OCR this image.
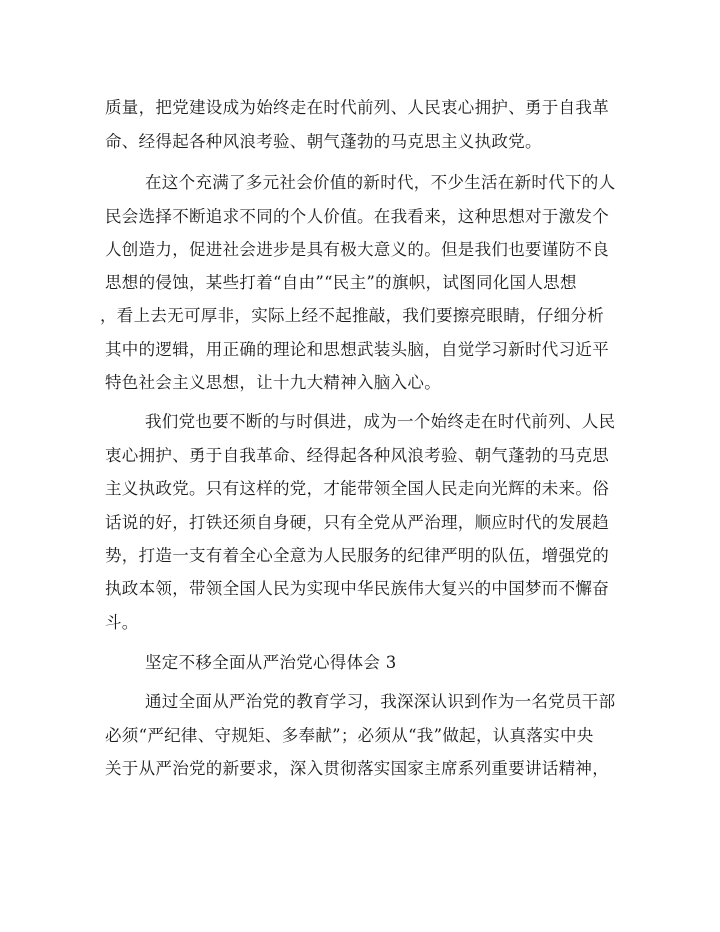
质量，把党建设成为始终走在时代前列、人民衷心拥护、勇于自我革

命、经得起各种风浪考验、朝气蓬勃的马克思主义执政党。

在这个充满了多元社会价值的新时代，不少生活在新时代下的人

民会选择不断追求不同的个人价值。在我看来，这种思想对于激发个

人创造力，促进社会进步是具有极大意义的。但是我们也要谨防不良

思想的侵蚀，某些打着“自由”“民主”的旗帜，试图同化国人思想

，看上去无可厚非，实际上经不起推敲，我们要擦亮眼睛，仔细分析

其中的逻辑，用正确的理论和思想武装头脑，自觉学习新时代习近平

特色社会主义思想，让十九大精神入脑入心。

我们党也要不断的与时俱进，成为一个始终走在时代前列、人民

衷心拥护、勇于自我革命、经得起各种风浪考验、朝气蓬勃的马克思

主义执政党。只有这样的党，才能带领全国人民走向光辉的未来。俗

话说的好，打铁还须自身硬，只有全党从严治理，顺应时代的发展趋

势，打造一支有着全心全意为人民服务的纪律严明的队伍，增强党的

执政本领，带领全国人民为实现中华民族伟大复兴的中国梦而不懈奋

斗。

坚定不移全面从严治党心得体会 3

通过全面从严治党的教育学习，我深深认识到作为一名党员干部

必须“严纪律、守规矩、多奉献”；必须从“我”做起，认真落实中央

关于从严治党的新要求，深入贯彻落实国家主席系列重要讲话精神，
